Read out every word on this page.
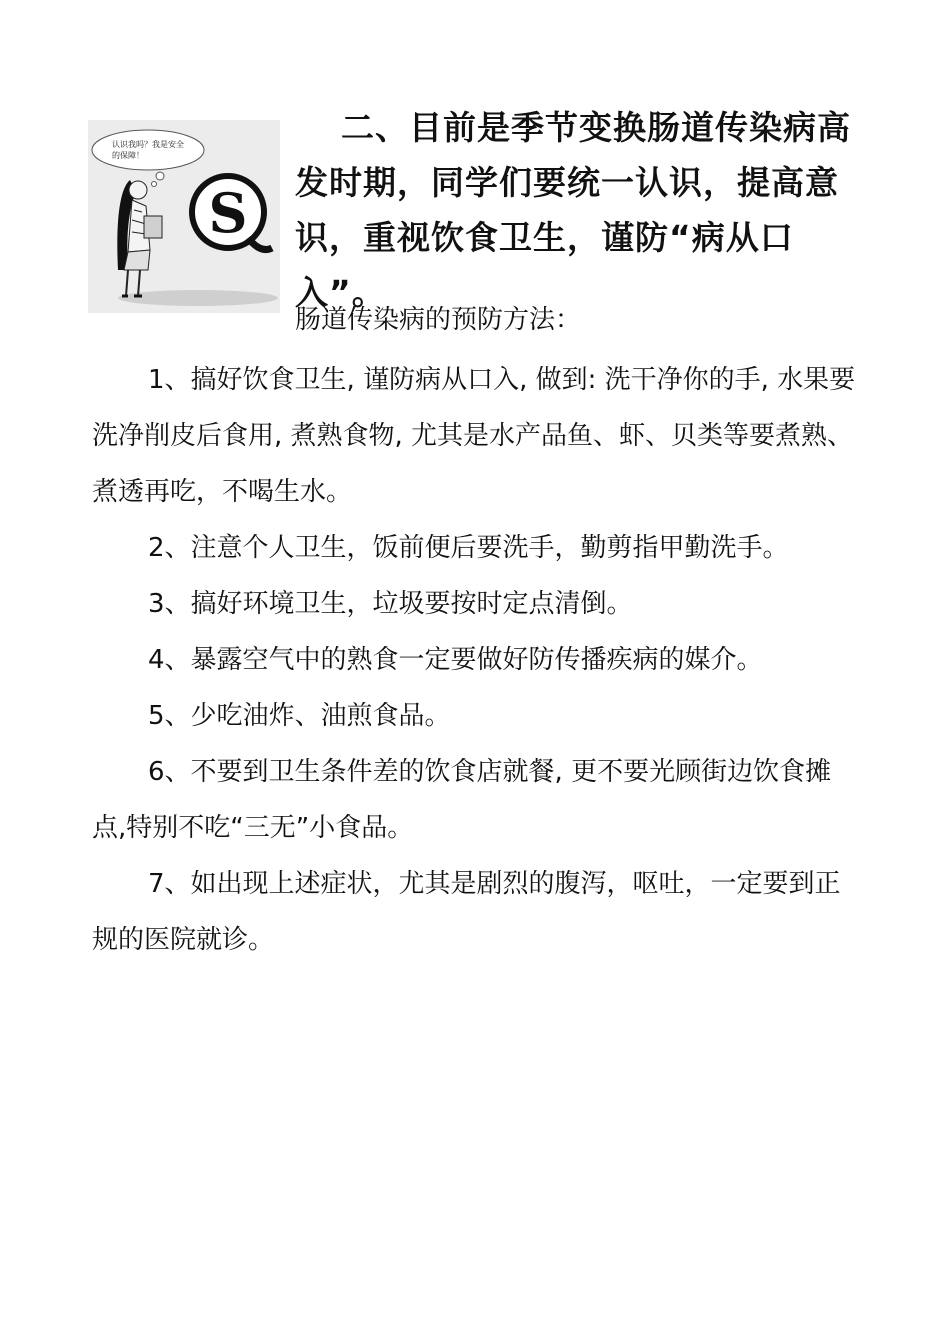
认识我吗？我是安全
的保障！
S

二、目前是季节变换肠道传染病高发时期，同学们要统一认识，提高意识，重视饮食卫生，谨防“病从口入”。

肠道传染病的预防方法：

1、搞好饮食卫生, 谨防病从口入, 做到: 洗干净你的手, 水果要洗净削皮后食用, 煮熟食物, 尤其是水产品鱼、虾、贝类等要煮熟、煮透再吃，不喝生水。
2、注意个人卫生，饭前便后要洗手，勤剪指甲勤洗手。
3、搞好环境卫生，垃圾要按时定点清倒。
4、暴露空气中的熟食一定要做好防传播疾病的媒介。
5、少吃油炸、油煎食品。
6、不要到卫生条件差的饮食店就餐, 更不要光顾街边饮食摊点,特别不吃“三无”小食品。
7、如出现上述症状，尤其是剧烈的腹泻，呕吐，一定要到正规的医院就诊。
